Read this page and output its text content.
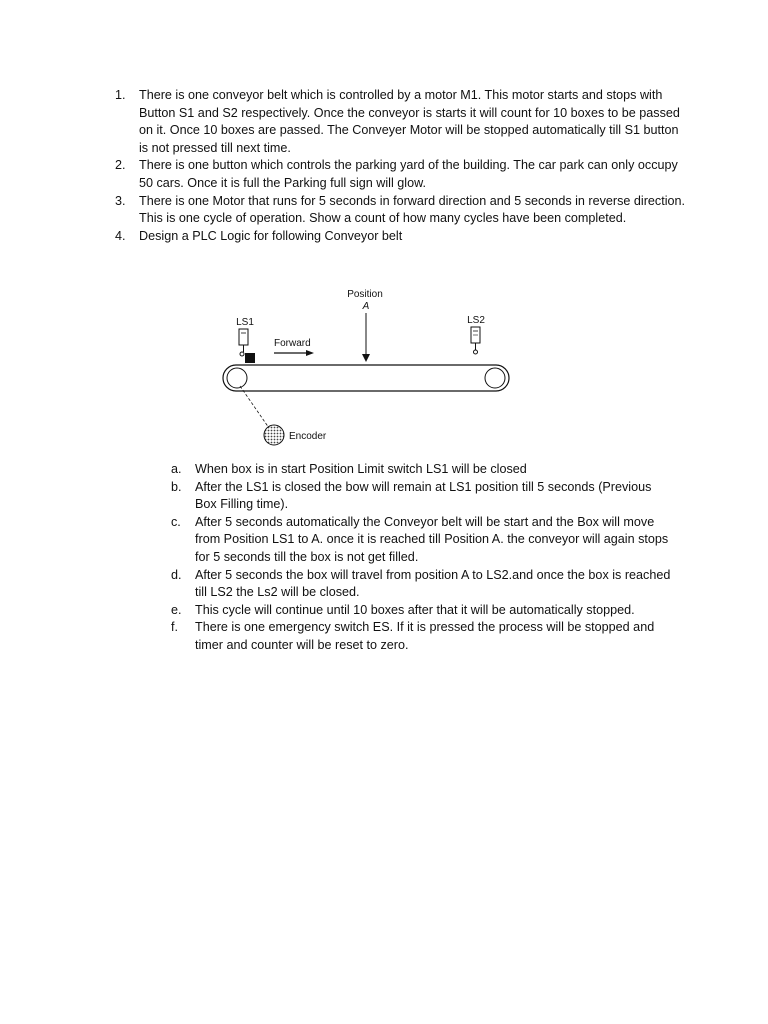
1.	There is one conveyor belt which is controlled by a motor M1. This motor starts and stops with Button S1 and S2 respectively. Once the conveyor is starts it will count for 10 boxes to be passed on it. Once 10 boxes are passed. The Conveyer Motor will be stopped automatically till S1 button is not pressed till next time.
2.	There is one button which controls the parking yard of the building. The car park can only occupy 50 cars. Once it is full the Parking full sign will glow.
3.	There is one Motor that runs for 5 seconds in forward direction and 5 seconds in reverse direction. This is one cycle of operation. Show a count of how many cycles have been completed.
4.	Design a PLC Logic for following Conveyor belt
Position
A
LS1
Forward
LS2
Encoder
a.	When box is in start Position Limit switch LS1 will be closed
b.	After the LS1 is closed the bow will remain at LS1 position till 5 seconds (Previous Box Filling time).
c.	After 5 seconds automatically the Conveyor belt will be start and the Box will move from Position LS1 to A. once it is reached till Position A. the conveyor will again stops for 5 seconds till the box is not get filled.
d.	After 5 seconds the box will travel from position A to LS2.and once the box is reached till LS2 the Ls2 will be closed.
e.	This cycle will continue until 10 boxes after that it will be automatically stopped.
f.	There is one emergency switch ES. If it is pressed the process will be stopped and timer and counter will be reset to zero.
